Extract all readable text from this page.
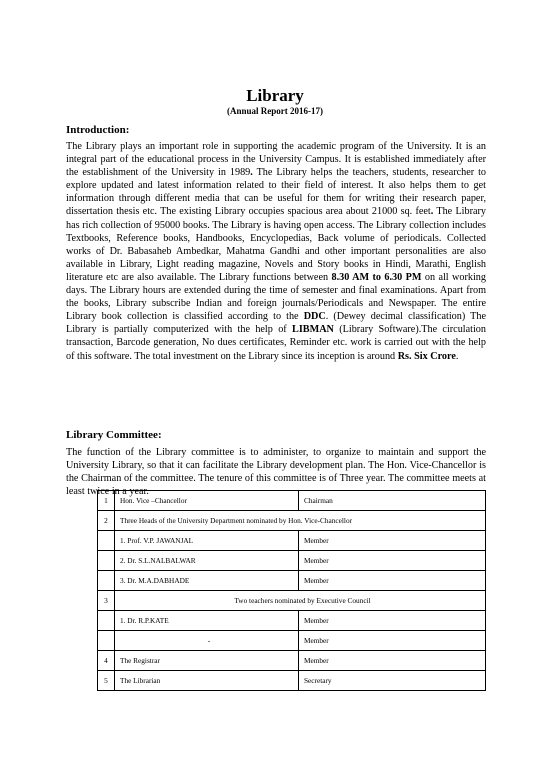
Library
(Annual Report 2016-17)
Introduction:

The Library plays an important role in supporting the academic program of the University. It is an integral part of the educational process in the University Campus. It is established immediately after the establishment of the University in 1989. The Library helps the teachers, students, researcher to explore updated and latest information related to their field of interest. It also helps them to get information through different media that can be useful for them for writing their research paper, dissertation thesis etc. The existing Library occupies spacious area about 21000 sq. feet. The Library has rich collection of 95000 books. The Library is having open access. The Library collection includes Textbooks, Reference books, Handbooks, Encyclopedias, Back volume of periodicals. Collected works of Dr. Babasaheb Ambedkar, Mahatma Gandhi and other important personalities are also available in Library, Light reading magazine, Novels and Story books in Hindi, Marathi, English literature etc are also available. The Library functions between 8.30 AM to 6.30 PM on all working days. The Library hours are extended during the time of semester and final examinations. Apart from the books, Library subscribe Indian and foreign journals/Periodicals and Newspaper. The entire Library book collection is classified according to the DDC. (Dewey decimal classification) The Library is partially computerized with the help of LIBMAN (Library Software).The circulation transaction, Barcode generation, No dues certificates, Reminder etc. work is carried out with the help of this software. The total investment on the Library since its inception is around Rs. Six Crore.

Library Committee:

The function of the Library committee is to administer, to organize to maintain and support the University Library, so that it can facilitate the Library development plan. The Hon. Vice-Chancellor is the Chairman of the committee. The tenure of this committee is of Three year. The committee meets at least twice in a year.

1	Hon. Vice –Chancellor	Chairman
2	Three Heads of the University Department nominated by Hon. Vice-Chancellor	
	1. Prof. V.P. JAWANJAL	Member
	2. Dr. S.L.NALBALWAR	Member
	3. Dr. M.A.DABHADE	Member
3	Two teachers nominated by Executive Council	
	1. Dr. R.P.KATE	Member
	-	Member
4	The Registrar	Member
5	The Librarian	Secretary
